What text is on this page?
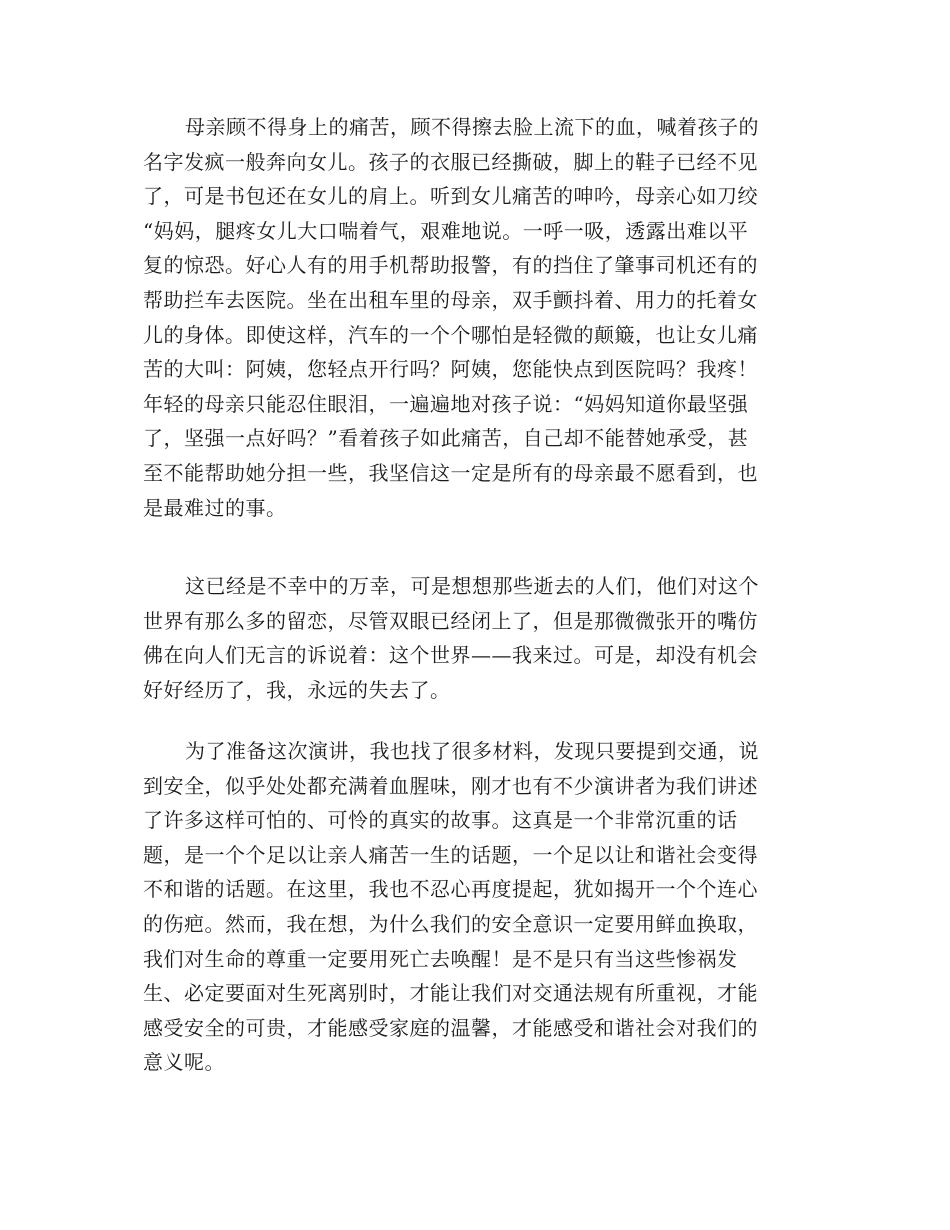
母亲顾不得身上的痛苦，顾不得擦去脸上流下的血，喊着孩子的
名字发疯一般奔向女儿。孩子的衣服已经撕破，脚上的鞋子已经不见
了，可是书包还在女儿的肩上。听到女儿痛苦的呻吟，母亲心如刀绞
“妈妈，腿疼女儿大口喘着气，艰难地说。一呼一吸，透露出难以平
复的惊恐。好心人有的用手机帮助报警，有的挡住了肇事司机还有的
帮助拦车去医院。坐在出租车里的母亲，双手颤抖着、用力的托着女
儿的身体。即使这样，汽车的一个个哪怕是轻微的颠簸，也让女儿痛
苦的大叫：阿姨，您轻点开行吗？阿姨，您能快点到医院吗？我疼！
年轻的母亲只能忍住眼泪，一遍遍地对孩子说：“妈妈知道你最坚强
了，坚强一点好吗？”看着孩子如此痛苦，自己却不能替她承受，甚
至不能帮助她分担一些，我坚信这一定是所有的母亲最不愿看到，也
是最难过的事。
这已经是不幸中的万幸，可是想想那些逝去的人们，他们对这个
世界有那么多的留恋，尽管双眼已经闭上了，但是那微微张开的嘴仿
佛在向人们无言的诉说着：这个世界——我来过。可是，却没有机会
好好经历了，我，永远的失去了。
为了准备这次演讲，我也找了很多材料，发现只要提到交通，说
到安全，似乎处处都充满着血腥味，刚才也有不少演讲者为我们讲述
了许多这样可怕的、可怜的真实的故事。这真是一个非常沉重的话
题，是一个个足以让亲人痛苦一生的话题，一个足以让和谐社会变得
不和谐的话题。在这里，我也不忍心再度提起，犹如揭开一个个连心
的伤疤。然而，我在想，为什么我们的安全意识一定要用鲜血换取，
我们对生命的尊重一定要用死亡去唤醒！是不是只有当这些惨祸发
生、必定要面对生死离别时，才能让我们对交通法规有所重视，才能
感受安全的可贵，才能感受家庭的温馨，才能感受和谐社会对我们的
意义呢。
